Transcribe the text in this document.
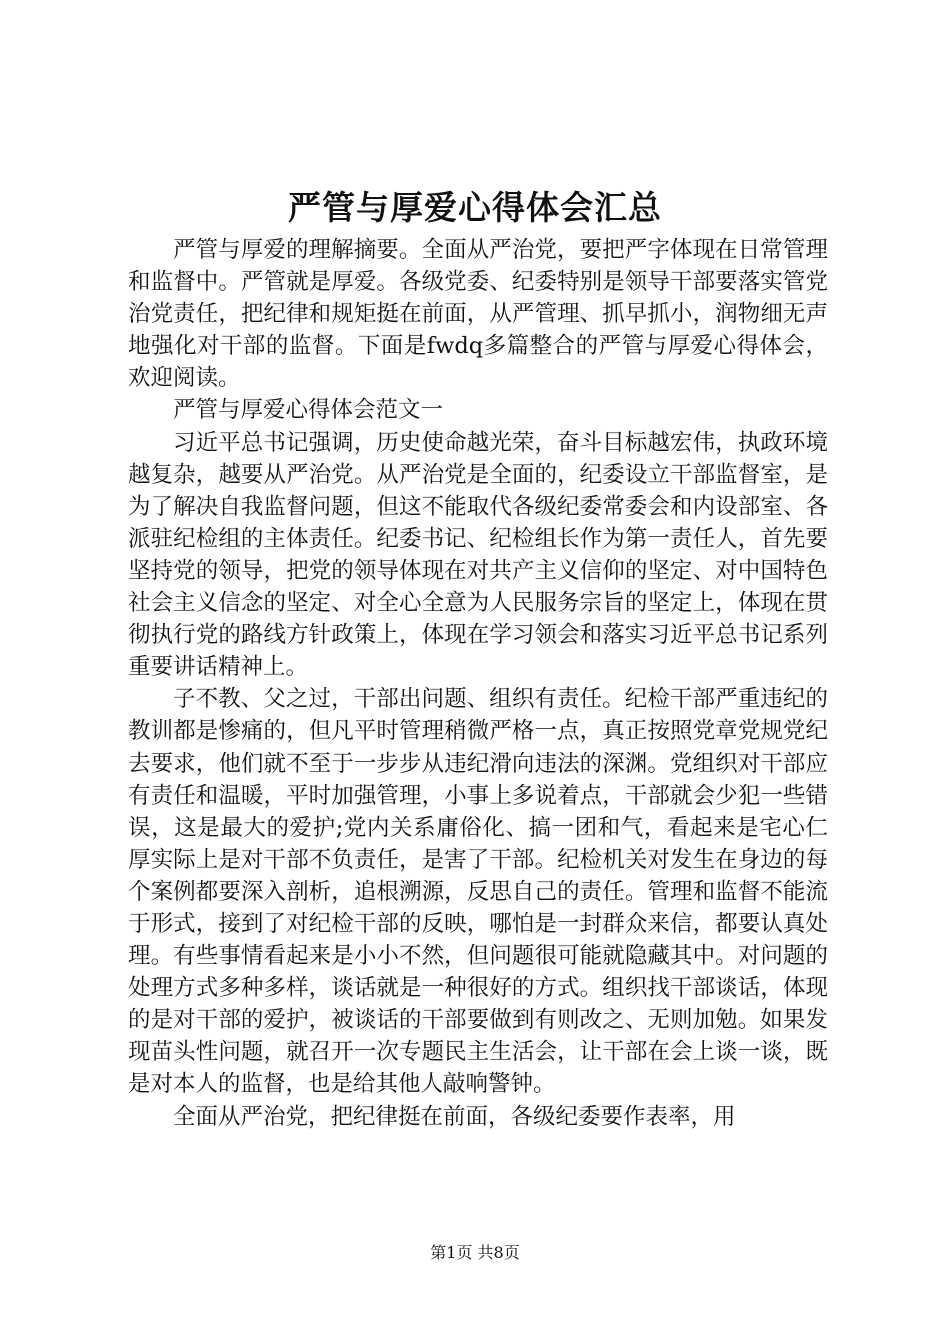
严管与厚爱心得体会汇总

严管与厚爱的理解摘要。全面从严治党，要把严字体现在日常管理和监督中。严管就是厚爱。各级党委、纪委特别是领导干部要落实管党治党责任，把纪律和规矩挺在前面，从严管理、抓早抓小，润物细无声地强化对干部的监督。下面是fwdq多篇整合的严管与厚爱心得体会，欢迎阅读。

严管与厚爱心得体会范文一

习近平总书记强调，历史使命越光荣，奋斗目标越宏伟，执政环境越复杂，越要从严治党。从严治党是全面的，纪委设立干部监督室，是为了解决自我监督问题，但这不能取代各级纪委常委会和内设部室、各派驻纪检组的主体责任。纪委书记、纪检组长作为第一责任人，首先要坚持党的领导，把党的领导体现在对共产主义信仰的坚定、对中国特色社会主义信念的坚定、对全心全意为人民服务宗旨的坚定上，体现在贯彻执行党的路线方针政策上，体现在学习领会和落实习近平总书记系列重要讲话精神上。

子不教、父之过，干部出问题、组织有责任。纪检干部严重违纪的教训都是惨痛的，但凡平时管理稍微严格一点，真正按照党章党规党纪去要求，他们就不至于一步步从违纪滑向违法的深渊。党组织对干部应有责任和温暖，平时加强管理，小事上多说着点，干部就会少犯一些错误，这是最大的爱护;党内关系庸俗化、搞一团和气，看起来是宅心仁厚实际上是对干部不负责任，是害了干部。纪检机关对发生在身边的每个案例都要深入剖析，追根溯源，反思自己的责任。管理和监督不能流于形式，接到了对纪检干部的反映，哪怕是一封群众来信，都要认真处理。有些事情看起来是小小不然，但问题很可能就隐藏其中。对问题的处理方式多种多样，谈话就是一种很好的方式。组织找干部谈话，体现的是对干部的爱护，被谈话的干部要做到有则改之、无则加勉。如果发现苗头性问题，就召开一次专题民主生活会，让干部在会上谈一谈，既是对本人的监督，也是给其他人敲响警钟。

全面从严治党，把纪律挺在前面，各级纪委要作表率，用

第1页 共8页
